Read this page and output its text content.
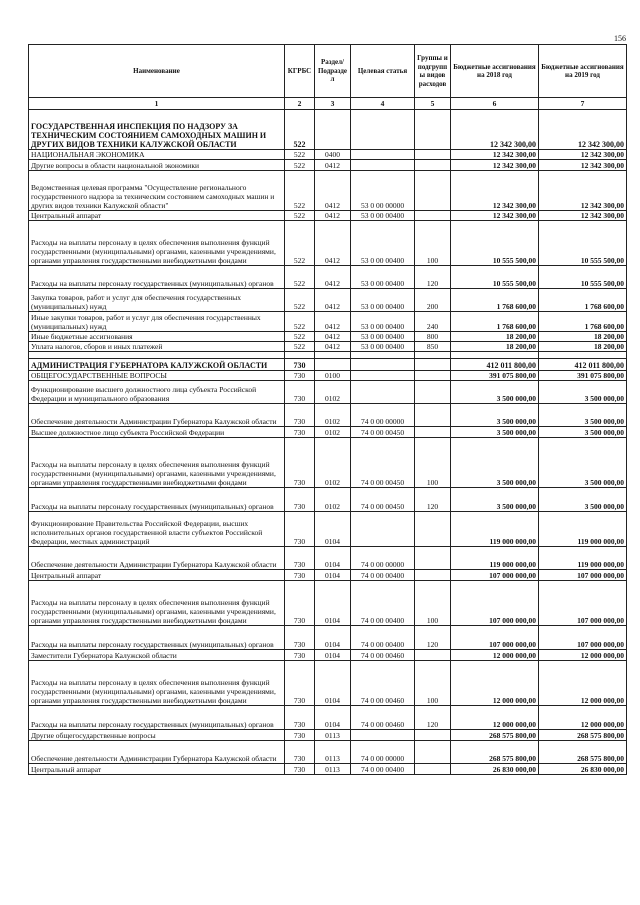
156
Наименование	КГРБС	Раздел/ Подразде л	Целевая статья	Группы и подгрупп ы видов расходов	Бюджетные ассигнования на 2018 год	Бюджетные ассигнования на 2019 год
1	2	3	4	5	6	7
ГОСУДАРСТВЕННАЯ ИНСПЕКЦИЯ ПО НАДЗОРУ ЗА ТЕХНИЧЕСКИМ СОСТОЯНИЕМ САМОХОДНЫХ МАШИН И ДРУГИХ ВИДОВ ТЕХНИКИ КАЛУЖСКОЙ ОБЛАСТИ	522				12 342 300,00	12 342 300,00
НАЦИОНАЛЬНАЯ ЭКОНОМИКА	522	0400			12 342 300,00	12 342 300,00
Другие вопросы в области национальной экономики	522	0412			12 342 300,00	12 342 300,00
Ведомственная целевая программа "Осуществление регионального государственного надзора за техническим состоянием самоходных машин и других видов техники Калужской области"	522	0412	53 0 00 00000		12 342 300,00	12 342 300,00
Центральный аппарат	522	0412	53 0 00 00400		12 342 300,00	12 342 300,00
Расходы на выплаты персоналу в целях обеспечения выполнения функций государственными (муниципальными) органами, казенными учреждениями, органами управления государственными внебюджетными фондами	522	0412	53 0 00 00400	100	10 555 500,00	10 555 500,00
Расходы на выплаты персоналу государственных (муниципальных) органов	522	0412	53 0 00 00400	120	10 555 500,00	10 555 500,00
Закупка товаров, работ и услуг для обеспечения государственных (муниципальных) нужд	522	0412	53 0 00 00400	200	1 768 600,00	1 768 600,00
Иные закупки товаров, работ и услуг для обеспечения государственных (муниципальных) нужд	522	0412	53 0 00 00400	240	1 768 600,00	1 768 600,00
Иные бюджетные ассигнования	522	0412	53 0 00 00400	800	18 200,00	18 200,00
Уплата налогов, сборов и иных платежей	522	0412	53 0 00 00400	850	18 200,00	18 200,00

АДМИНИСТРАЦИЯ ГУБЕРНАТОРА КАЛУЖСКОЙ ОБЛАСТИ	730				412 011 800,00	412 011 800,00
ОБЩЕГОСУДАРСТВЕННЫЕ ВОПРОСЫ	730	0100			391 075 800,00	391 075 800,00
Функционирование высшего должностного лица субъекта Российской Федерации и муниципального образования	730	0102			3 500 000,00	3 500 000,00
Обеспечение деятельности Администрации Губернатора Калужской области	730	0102	74 0 00 00000		3 500 000,00	3 500 000,00
Высшее должностное лицо субъекта Российской Федерации	730	0102	74 0 00 00450		3 500 000,00	3 500 000,00
Расходы на выплаты персоналу в целях обеспечения выполнения функций государственными (муниципальными) органами, казенными учреждениями, органами управления государственными внебюджетными фондами	730	0102	74 0 00 00450	100	3 500 000,00	3 500 000,00
Расходы на выплаты персоналу государственных (муниципальных) органов	730	0102	74 0 00 00450	120	3 500 000,00	3 500 000,00
Функционирование Правительства Российской Федерации, высших исполнительных органов государственной власти субъектов Российской Федерации, местных администраций	730	0104			119 000 000,00	119 000 000,00
Обеспечение деятельности Администрации Губернатора Калужской области	730	0104	74 0 00 00000		119 000 000,00	119 000 000,00
Центральный аппарат	730	0104	74 0 00 00400		107 000 000,00	107 000 000,00
Расходы на выплаты персоналу в целях обеспечения выполнения функций государственными (муниципальными) органами, казенными учреждениями, органами управления государственными внебюджетными фондами	730	0104	74 0 00 00400	100	107 000 000,00	107 000 000,00
Расходы на выплаты персоналу государственных (муниципальных) органов	730	0104	74 0 00 00400	120	107 000 000,00	107 000 000,00
Заместители Губернатора Калужской области	730	0104	74 0 00 00460		12 000 000,00	12 000 000,00
Расходы на выплаты персоналу в целях обеспечения выполнения функций государственными (муниципальными) органами, казенными учреждениями, органами управления государственными внебюджетными фондами	730	0104	74 0 00 00460	100	12 000 000,00	12 000 000,00
Расходы на выплаты персоналу государственных (муниципальных) органов	730	0104	74 0 00 00460	120	12 000 000,00	12 000 000,00
Другие общегосударственные вопросы	730	0113			268 575 800,00	268 575 800,00
Обеспечение деятельности Администрации Губернатора Калужской области	730	0113	74 0 00 00000		268 575 800,00	268 575 800,00
Центральный аппарат	730	0113	74 0 00 00400		26 830 000,00	26 830 000,00
